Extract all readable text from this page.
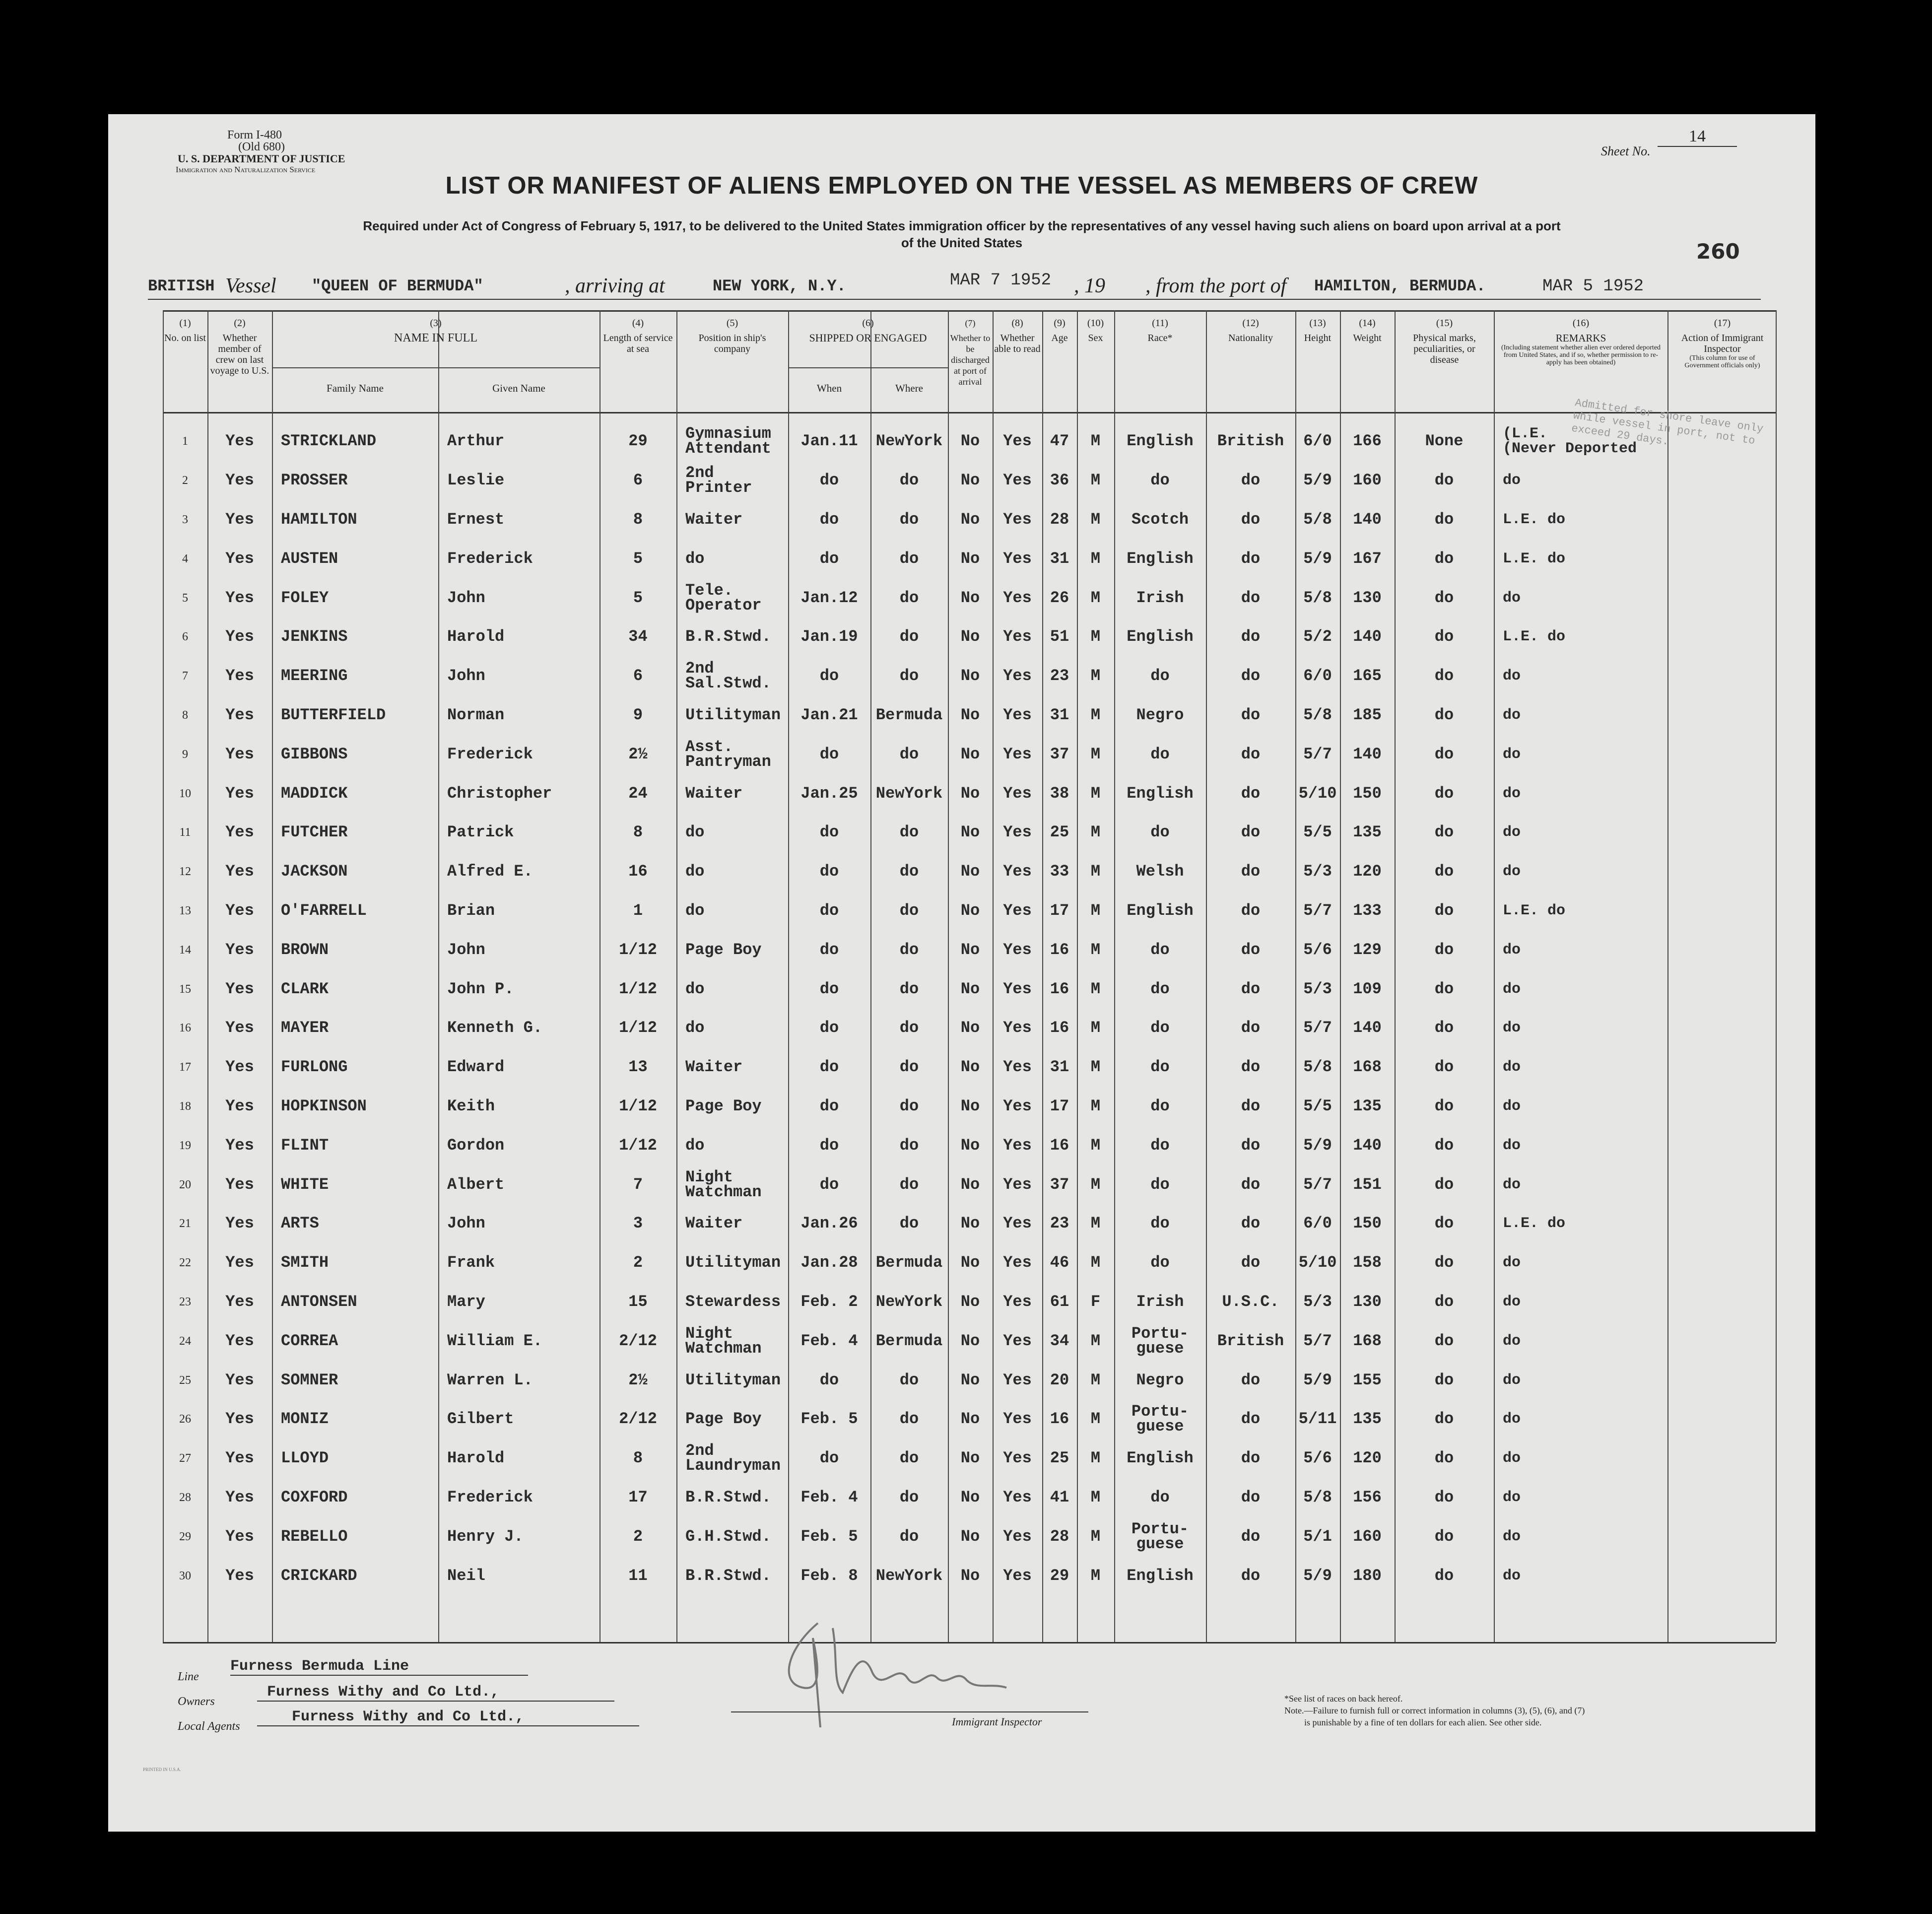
Form I-480
(Old 680)
U. S. DEPARTMENT OF JUSTICE
Immigration and Naturalization Service
Sheet No.
14
260
LIST OR MANIFEST OF ALIENS EMPLOYED ON THE VESSEL AS MEMBERS OF CREW
Required under Act of Congress of February 5, 1917, to be delivered to the United States immigration officer by the representatives of any vessel having such aliens on board upon arrival at a port
of the United States
BRITISH Vessel "QUEEN OF BERMUDA"	, arriving at	NEW YORK, N.Y.	MAR 7 1952 , 19 , from the port of HAMILTON, BERMUDA.	MAR 5 1952
(1)
No. on list
(2)
Whether member of crew on last voyage to U.S.
(3)
NAME IN FULL
Family Name	Given Name
(4)
Length of service at sea
(5)
Position in ship's company
(6)
SHIPPED OR ENGAGED
When	Where
(7)
Whether to be discharged at port of arrival
(8)
Whether able to read
(9)
Age
(10)
Sex
(11)
Race*
(12)
Nationality
(13)
Height
(14)
Weight
(15)
Physical marks, peculiarities, or disease
(16)
REMARKS

(Including statement whether alien ever ordered deported from United States, and if so, whether permission to re-apply has been obtained)
(17)
Action of Immigrant Inspector

(This column for use of Government officials only)
Admitted for shore leave only while vessel in port, not to exceed 29 days.
1	Yes	STRICKLAND	Arthur	29	Gymnasium
Attendant	Jan.11	NewYork	No	Yes	47	M	English	British	6/0	166	None	(L.E.
(Never Deported	
2	Yes	PROSSER	Leslie	6	2nd
Printer	do	do	No	Yes	36	M	do	do	5/9	160	do	do	
3	Yes	HAMILTON	Ernest	8	Waiter	do	do	No	Yes	28	M	Scotch	do	5/8	140	do	L.E. do	
4	Yes	AUSTEN	Frederick	5	do	do	do	No	Yes	31	M	English	do	5/9	167	do	L.E. do	
5	Yes	FOLEY	John	5	Tele.
Operator	Jan.12	do	No	Yes	26	M	Irish	do	5/8	130	do	do	
6	Yes	JENKINS	Harold	34	B.R.Stwd.	Jan.19	do	No	Yes	51	M	English	do	5/2	140	do	L.E. do	
7	Yes	MEERING	John	6	2nd
Sal.Stwd.	do	do	No	Yes	23	M	do	do	6/0	165	do	do	
8	Yes	BUTTERFIELD	Norman	9	Utilityman	Jan.21	Bermuda	No	Yes	31	M	Negro	do	5/8	185	do	do	
9	Yes	GIBBONS	Frederick	2½	Asst.
Pantryman	do	do	No	Yes	37	M	do	do	5/7	140	do	do	
10	Yes	MADDICK	Christopher	24	Waiter	Jan.25	NewYork	No	Yes	38	M	English	do	5/10	150	do	do	
11	Yes	FUTCHER	Patrick	8	do	do	do	No	Yes	25	M	do	do	5/5	135	do	do	
12	Yes	JACKSON	Alfred E.	16	do	do	do	No	Yes	33	M	Welsh	do	5/3	120	do	do	
13	Yes	O'FARRELL	Brian	1	do	do	do	No	Yes	17	M	English	do	5/7	133	do	L.E. do	
14	Yes	BROWN	John	1/12	Page Boy	do	do	No	Yes	16	M	do	do	5/6	129	do	do	
15	Yes	CLARK	John P.	1/12	do	do	do	No	Yes	16	M	do	do	5/3	109	do	do	
16	Yes	MAYER	Kenneth G.	1/12	do	do	do	No	Yes	16	M	do	do	5/7	140	do	do	
17	Yes	FURLONG	Edward	13	Waiter	do	do	No	Yes	31	M	do	do	5/8	168	do	do	
18	Yes	HOPKINSON	Keith	1/12	Page Boy	do	do	No	Yes	17	M	do	do	5/5	135	do	do	
19	Yes	FLINT	Gordon	1/12	do	do	do	No	Yes	16	M	do	do	5/9	140	do	do	
20	Yes	WHITE	Albert	7	Night
Watchman	do	do	No	Yes	37	M	do	do	5/7	151	do	do	
21	Yes	ARTS	John	3	Waiter	Jan.26	do	No	Yes	23	M	do	do	6/0	150	do	L.E. do	
22	Yes	SMITH	Frank	2	Utilityman	Jan.28	Bermuda	No	Yes	46	M	do	do	5/10	158	do	do	
23	Yes	ANTONSEN	Mary	15	Stewardess	Feb. 2	NewYork	No	Yes	61	F	Irish	U.S.C.	5/3	130	do	do	
24	Yes	CORREA	William E.	2/12	Night
Watchman	Feb. 4	Bermuda	No	Yes	34	M	Portu-
guese	British	5/7	168	do	do	
25	Yes	SOMNER	Warren L.	2½	Utilityman	do	do	No	Yes	20	M	Negro	do	5/9	155	do	do	
26	Yes	MONIZ	Gilbert	2/12	Page Boy	Feb. 5	do	No	Yes	16	M	Portu-
guese	do	5/11	135	do	do	
27	Yes	LLOYD	Harold	8	2nd
Laundryman	do	do	No	Yes	25	M	English	do	5/6	120	do	do	
28	Yes	COXFORD	Frederick	17	B.R.Stwd.	Feb. 4	do	No	Yes	41	M	do	do	5/8	156	do	do	
29	Yes	REBELLO	Henry J.	2	G.H.Stwd.	Feb. 5	do	No	Yes	28	M	Portu-
guese	do	5/1	160	do	do	
30	Yes	CRICKARD	Neil	11	B.R.Stwd.	Feb. 8	NewYork	No	Yes	29	M	English	do	5/9	180	do	do	
Line
Furness Bermuda Line
Owners
Furness Withy and Co Ltd.,
Local Agents
Furness Withy and Co Ltd.,	Immigrant Inspector
*See list of races on back hereof.
Note.—Failure to furnish full or correct information in columns (3), (5), (6), and (7)
is punishable by a fine of ten dollars for each alien. See other side.
PRINTED IN U.S.A.
